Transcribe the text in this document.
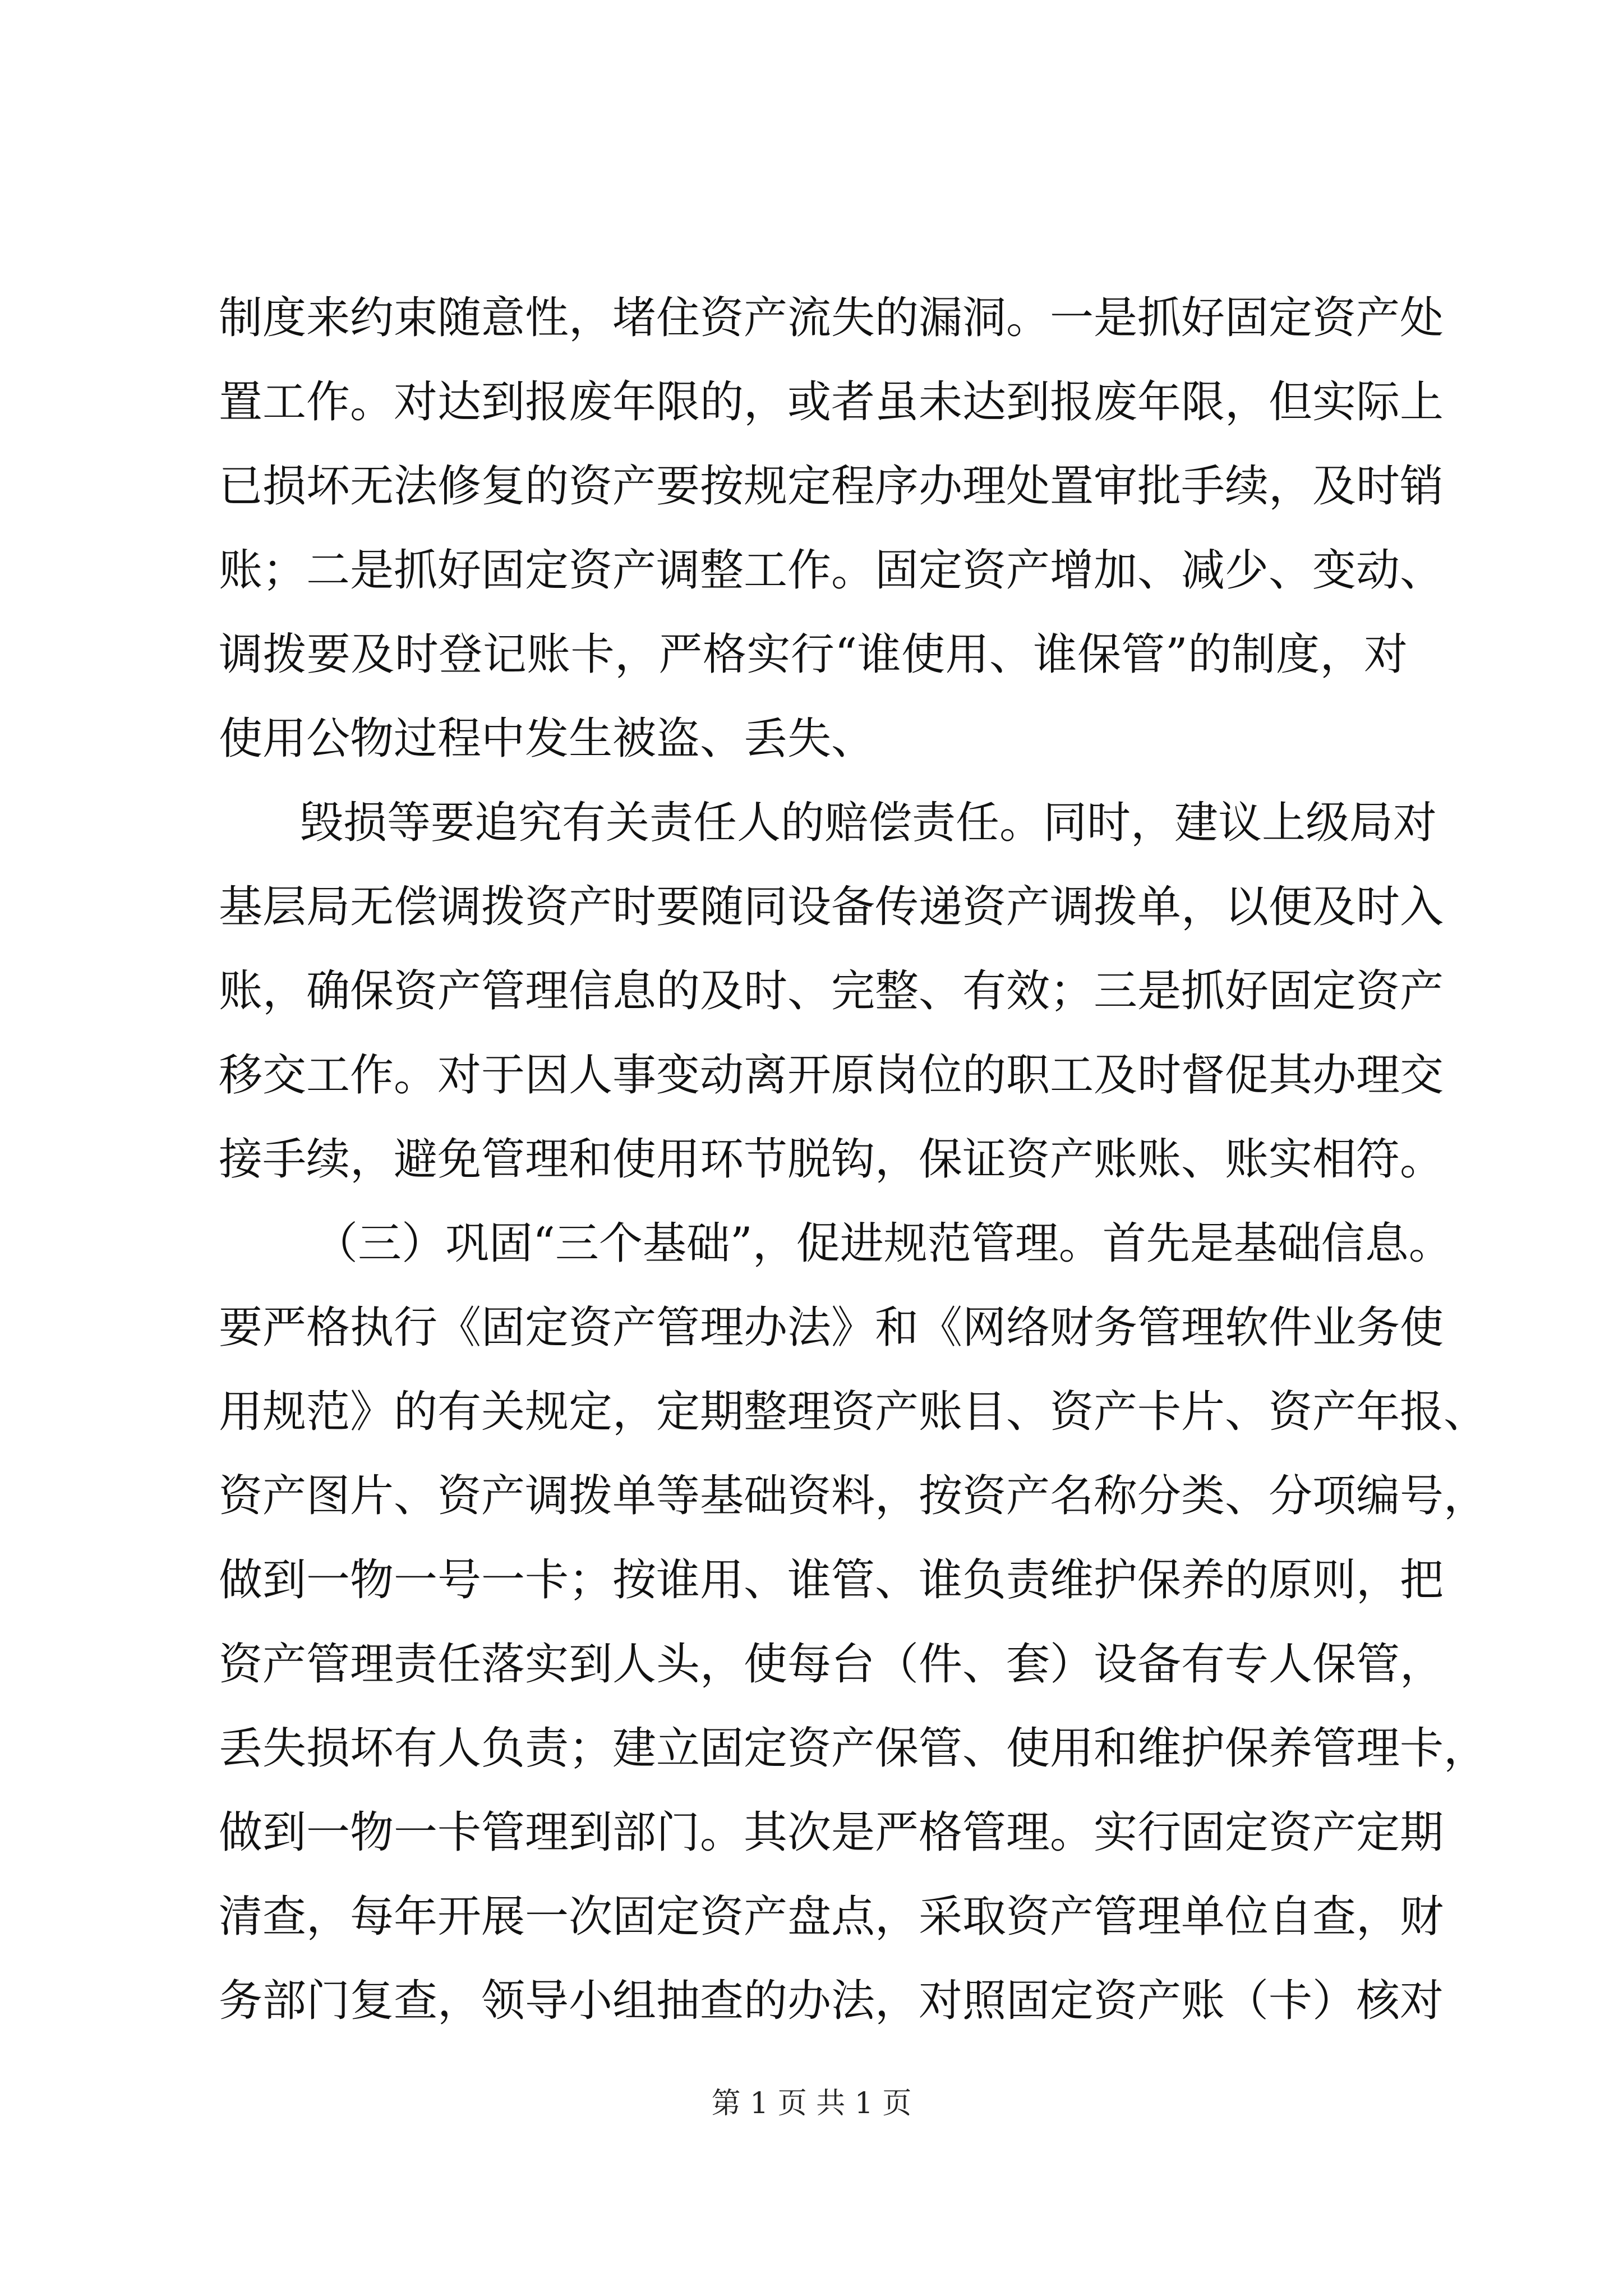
制度来约束随意性，堵住资产流失的漏洞。一是抓好固定资产处
置工作。对达到报废年限的，或者虽未达到报废年限，但实际上
已损坏无法修复的资产要按规定程序办理处置审批手续，及时销
账；二是抓好固定资产调整工作。固定资产增加、减少、变动、
调拨要及时登记账卡，严格实行“谁使用、谁保管”的制度，对
使用公物过程中发生被盗、丢失、
毁损等要追究有关责任人的赔偿责任。同时，建议上级局对
基层局无偿调拨资产时要随同设备传递资产调拨单，以便及时入
账，确保资产管理信息的及时、完整、有效；三是抓好固定资产
移交工作。对于因人事变动离开原岗位的职工及时督促其办理交
接手续，避免管理和使用环节脱钩，保证资产账账、账实相符。
（三）巩固“三个基础”，促进规范管理。首先是基础信息。
要严格执行《固定资产管理办法》和《网络财务管理软件业务使
用规范》的有关规定，定期整理资产账目、资产卡片、资产年报、
资产图片、资产调拨单等基础资料，按资产名称分类、分项编号，
做到一物一号一卡；按谁用、谁管、谁负责维护保养的原则，把
资产管理责任落实到人头，使每台（件、套）设备有专人保管，
丢失损坏有人负责；建立固定资产保管、使用和维护保养管理卡，
做到一物一卡管理到部门。其次是严格管理。实行固定资产定期
清查，每年开展一次固定资产盘点，采取资产管理单位自查，财
务部门复查，领导小组抽查的办法，对照固定资产账（卡）核对
第 1 页 共 1 页
